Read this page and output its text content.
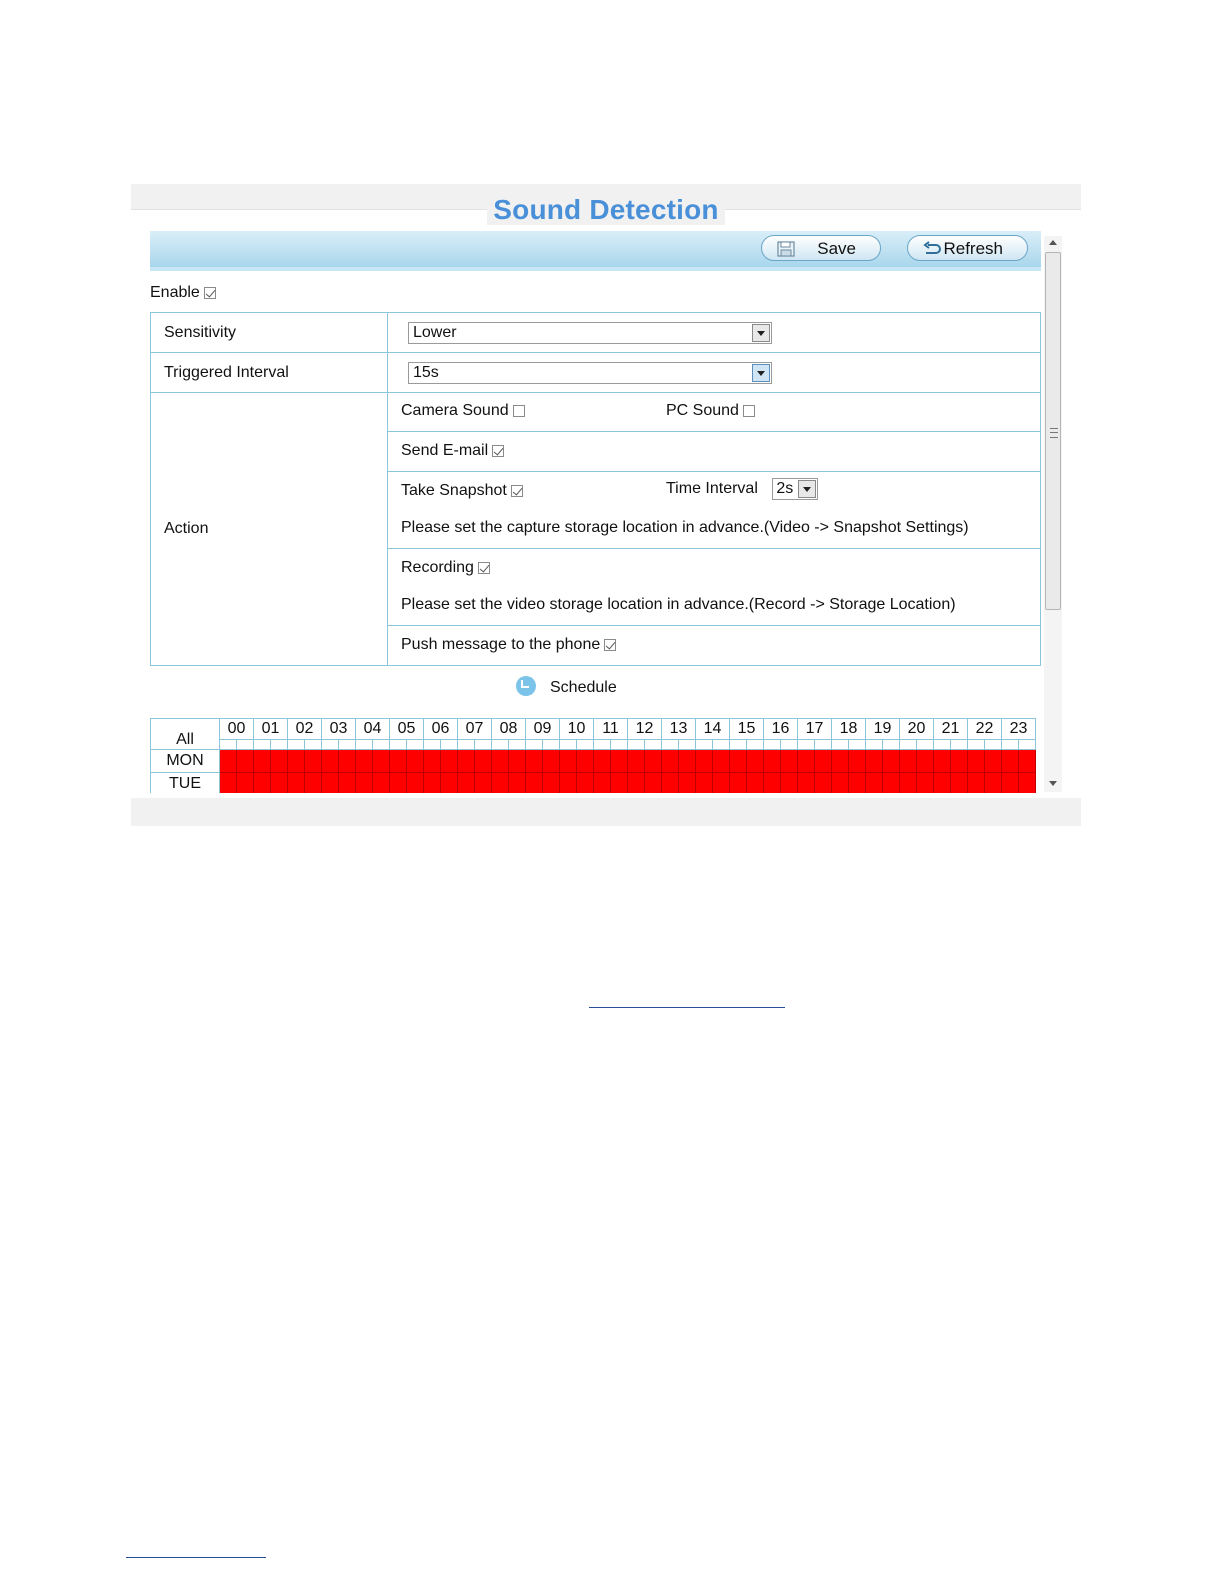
Sound Detection
Save	Refresh
Enable
Sensitivity	Lower

Triggered Interval	15s

Action	Camera Sound PC Sound

	Send E-mail

	Take Snapshot Time Interval 2s
Please set the capture storage location in advance.(Video -> Snapshot Settings)

	Recording
Please set the video storage location in advance.(Record -> Storage Location)

	Push message to the phone
Schedule
All	00		01		02		03		04		05		06		07		08		09		10		11		12		13		14		15		16		17		18		19		20		21		22		23	

MON																																																
TUE																																																
